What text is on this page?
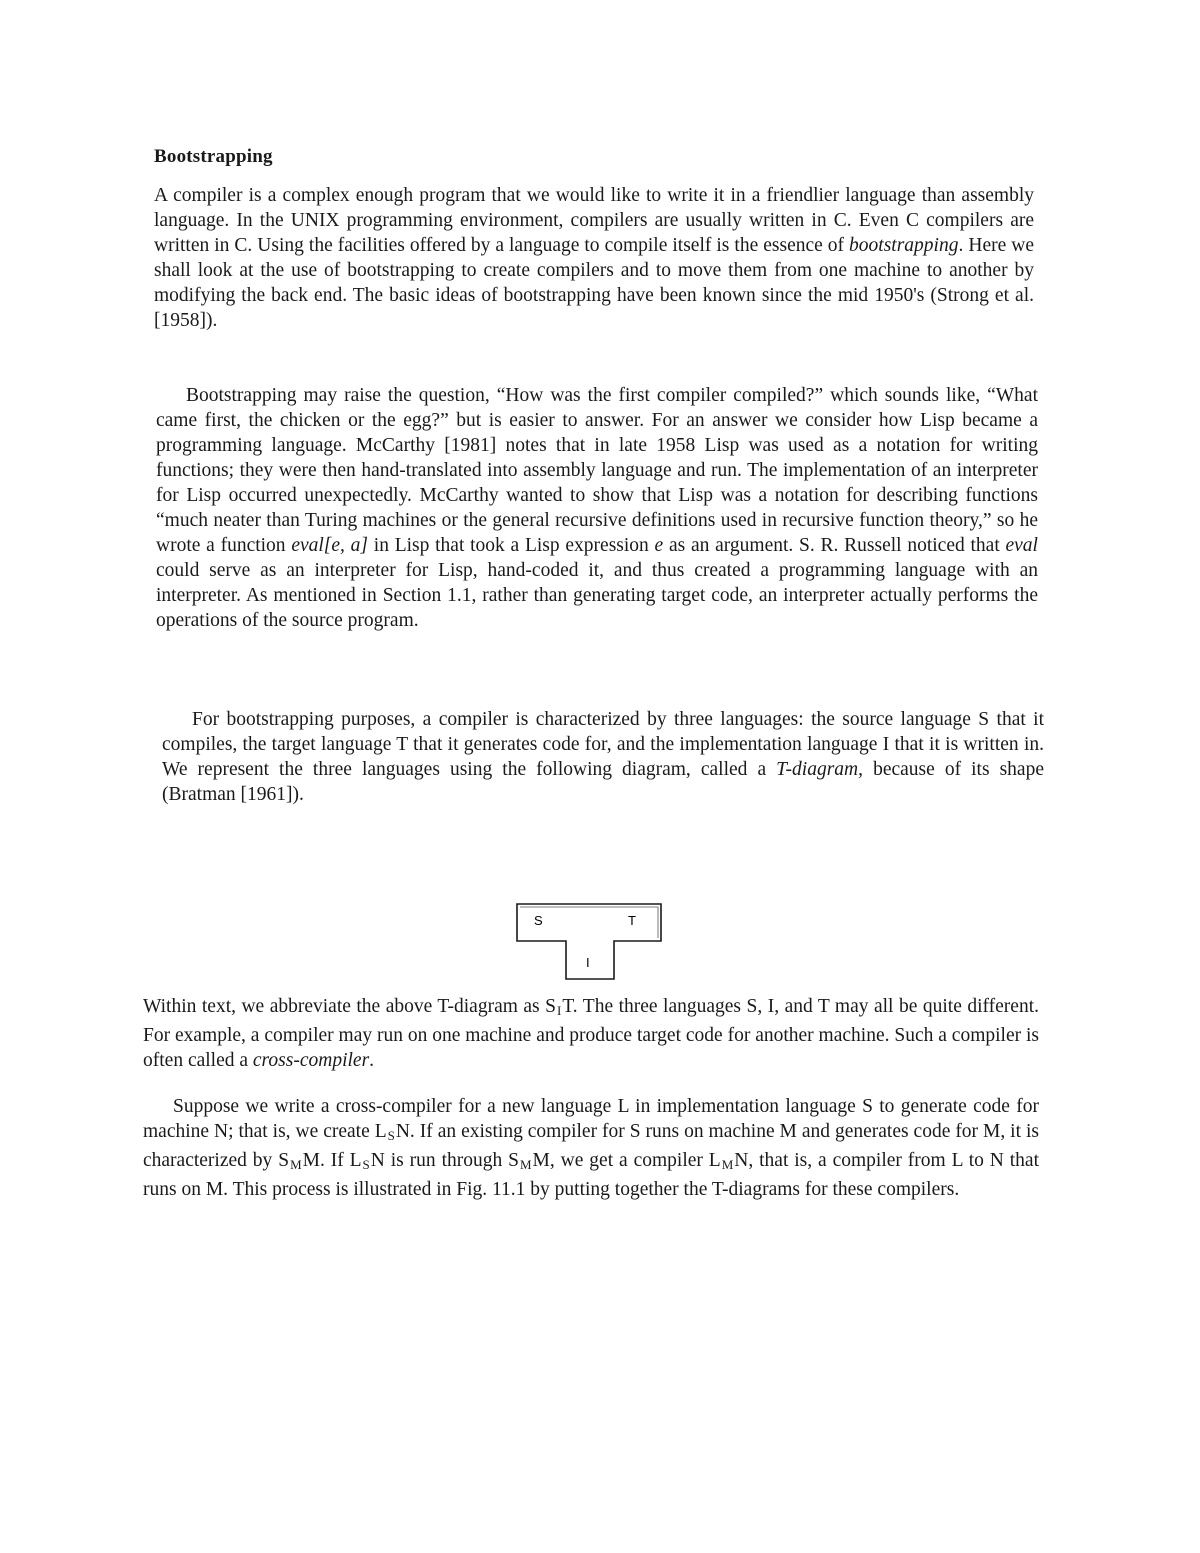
Bootstrapping

A compiler is a complex enough program that we would like to write it in a friendlier language than assembly language. In the UNIX programming environment, compilers are usually written in C. Even C compilers are written in C. Using the facilities offered by a language to compile itself is the essence of bootstrapping. Here we shall look at the use of bootstrapping to create compilers and to move them from one machine to another by modifying the back end. The basic ideas of bootstrapping have been known since the mid 1950's (Strong et al. [1958]).

Bootstrapping may raise the question, “How was the first compiler compiled?” which sounds like, “What came first, the chicken or the egg?” but is easier to answer. For an answer we consider how Lisp became a programming language. McCarthy [1981] notes that in late 1958 Lisp was used as a notation for writing functions; they were then hand-translated into assembly language and run. The implementation of an interpreter for Lisp occurred unexpectedly. McCarthy wanted to show that Lisp was a notation for describing functions “much neater than Turing machines or the general recursive definitions used in recursive function theory,” so he wrote a function eval[e, a] in Lisp that took a Lisp expression e as an argument. S. R. Russell noticed that eval could serve as an interpreter for Lisp, hand-coded it, and thus created a programming language with an interpreter. As mentioned in Section 1.1, rather than generating target code, an interpreter actually performs the operations of the source program.

For bootstrapping purposes, a compiler is characterized by three languages: the source language S that it compiles, the target language T that it generates code for, and the implementation language I that it is written in. We represent the three languages using the following diagram, called a T-diagram, because of its shape (Bratman [1961]).

S	T
I

Within text, we abbreviate the above T-diagram as $S_IT$. The three languages S, I, and T may all be quite different. For example, a compiler may run on one machine and produce target code for another machine. Such a compiler is often called a cross-compiler.

Suppose we write a cross-compiler for a new language L in implementation language S to generate code for machine N; that is, we create $L_SN$. If an existing compiler for S runs on machine M and generates code for M, it is characterized by $S_MM$. If $L_SN$ is run through $S_MM$, we get a compiler $L_MN$, that is, a compiler from L to N that runs on M. This process is illustrated in Fig. 11.1 by putting together the T-diagrams for these compilers.
